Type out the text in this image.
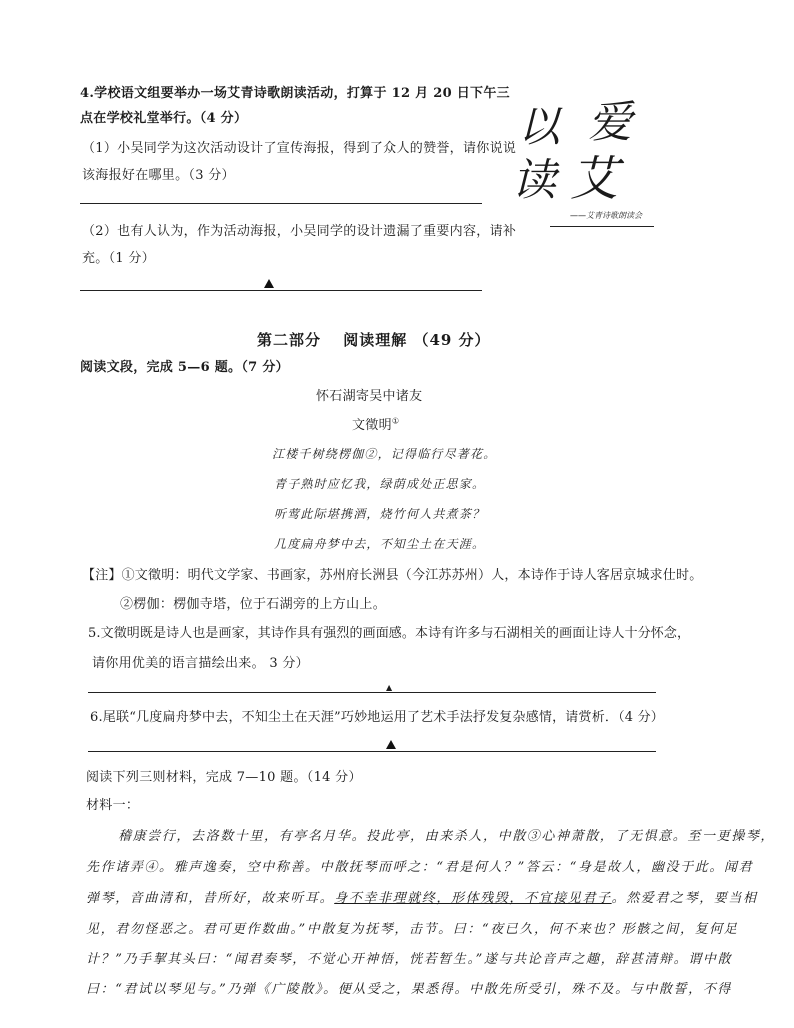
4.学校语文组要举办一场艾青诗歌朗读活动，打算于 12 月 20 日下午三
点在学校礼堂举行。（4 分）
（1）小吴同学为这次活动设计了宣传海报，得到了众人的赞誉，请你说说
该海报好在哪里。（3 分）
（2）也有人认为，作为活动海报，小吴同学的设计遗漏了重要内容，请补
充。（1 分）
以 爱
读 艾
——艾青诗歌朗读会
第二部分　 阅读理解 （49 分）
阅读文段，完成 5—6 题。（7 分）
怀石湖寄吴中诸友
文徵明①
江楼千树绕楞伽②，记得临行尽著花。
青子熟时应忆我，绿荫成处正思家。
听莺此际堪携酒，烧竹何人共煮茶？
几度扁舟梦中去，不知尘土在天涯。
【注】①文徵明：明代文学家、书画家，苏州府长洲县（今江苏苏州）人，本诗作于诗人客居京城求仕时。
②楞伽：楞伽寺塔，位于石湖旁的上方山上。
5.文徵明既是诗人也是画家，其诗作具有强烈的画面感。本诗有许多与石湖相关的画面让诗人十分怀念，
请你用优美的语言描绘出来。 3 分）
▲
6.尾联“几度扁舟梦中去，不知尘土在天涯”巧妙地运用了艺术手法抒发复杂感情，请赏析．（4 分）
阅读下列三则材料，完成 7—10 题。（14 分）
材料一：
稽康尝行，去洛数十里，有亭名月华。投此亭，由来杀人，中散③心神萧散，了无惧意。至一更操琴，
先作诸弄④。雅声逸奏，空中称善。中散抚琴而呼之：“君是何人？”答云：“身是故人，幽没于此。闻君
弹琴，音曲清和，昔所好，故来听耳。身不幸非理就终，形体残毁，不宜接见君子。然爱君之琴，要当相
见，君勿怪恶之。君可更作数曲。”中散复为抚琴，击节。曰：“夜已久，何不来也？形骸之间，复何足
计？”乃手挈其头曰：“闻君奏琴，不觉心开神悟，恍若暂生。”遂与共论音声之趣，辞甚清辩。谓中散
曰：“君试以琴见与。”乃弹《广陵散》。便从受之，果悉得。中散先所受引，殊不及。与中散誓，不得
